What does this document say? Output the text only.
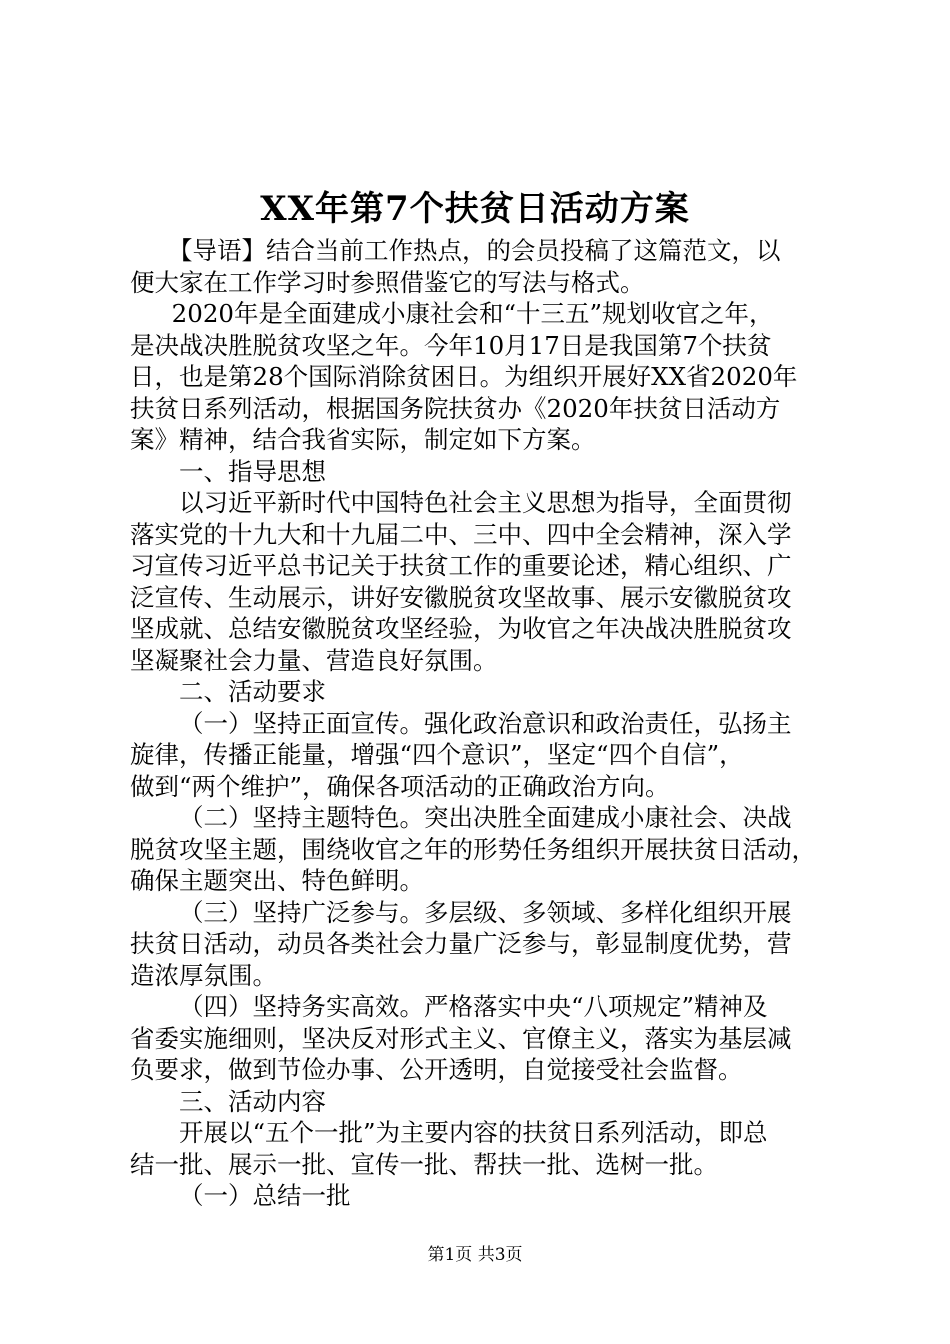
XX年第7个扶贫日活动方案
【导语】结合当前工作热点，的会员投稿了这篇范文，以
便大家在工作学习时参照借鉴它的写法与格式。
2020年是全面建成小康社会和“十三五”规划收官之年，
是决战决胜脱贫攻坚之年。今年10月17日是我国第7个扶贫
日，也是第28个国际消除贫困日。为组织开展好XX省2020年
扶贫日系列活动，根据国务院扶贫办《2020年扶贫日活动方
案》精神，结合我省实际，制定如下方案。
一、指导思想
以习近平新时代中国特色社会主义思想为指导，全面贯彻
落实党的十九大和十九届二中、三中、四中全会精神，深入学
习宣传习近平总书记关于扶贫工作的重要论述，精心组织、广
泛宣传、生动展示，讲好安徽脱贫攻坚故事、展示安徽脱贫攻
坚成就、总结安徽脱贫攻坚经验，为收官之年决战决胜脱贫攻
坚凝聚社会力量、营造良好氛围。
二、活动要求
（一）坚持正面宣传。强化政治意识和政治责任，弘扬主
旋律，传播正能量，增强“四个意识”，坚定“四个自信”，
做到“两个维护”，确保各项活动的正确政治方向。
（二）坚持主题特色。突出决胜全面建成小康社会、决战
脱贫攻坚主题，围绕收官之年的形势任务组织开展扶贫日活动，
确保主题突出、特色鲜明。
（三）坚持广泛参与。多层级、多领域、多样化组织开展
扶贫日活动，动员各类社会力量广泛参与，彰显制度优势，营
造浓厚氛围。
（四）坚持务实高效。严格落实中央“八项规定”精神及
省委实施细则，坚决反对形式主义、官僚主义，落实为基层减
负要求，做到节俭办事、公开透明，自觉接受社会监督。
三、活动内容
开展以“五个一批”为主要内容的扶贫日系列活动，即总
结一批、展示一批、宣传一批、帮扶一批、选树一批。
（一）总结一批
第1页 共3页
